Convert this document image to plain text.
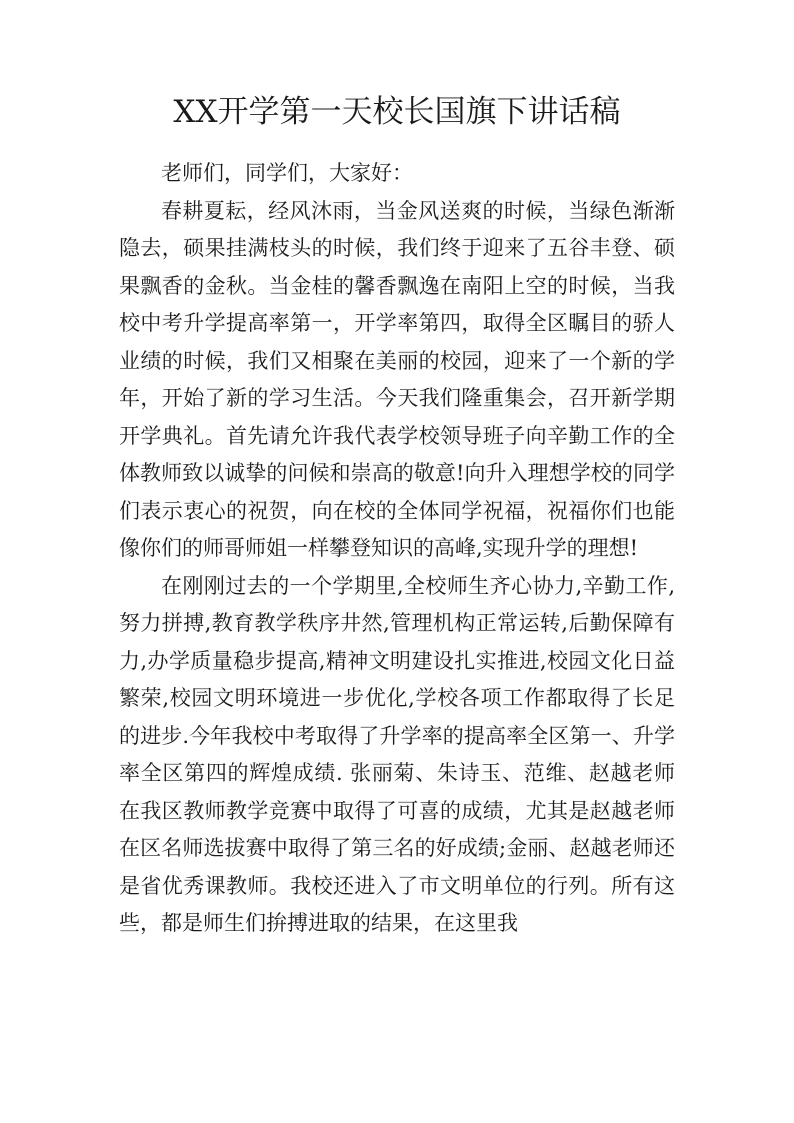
XX开学第一天校长国旗下讲话稿

老师们，同学们，大家好：

春耕夏耘，经风沐雨，当金风送爽的时候，当绿色渐渐隐去，硕果挂满枝头的时候，我们终于迎来了五谷丰登、硕果飘香的金秋。当金桂的馨香飘逸在南阳上空的时候，当我校中考升学提高率第一，开学率第四，取得全区瞩目的骄人业绩的时候，我们又相聚在美丽的校园，迎来了一个新的学年，开始了新的学习生活。今天我们隆重集会，召开新学期开学典礼。首先请允许我代表学校领导班子向辛勤工作的全体教师致以诚挚的问候和崇高的敬意!向升入理想学校的同学们表示衷心的祝贺，向在校的全体同学祝福，祝福你们也能像你们的师哥师姐一样攀登知识的高峰,实现升学的理想!

在刚刚过去的一个学期里,全校师生齐心协力,辛勤工作,努力拼搏,教育教学秩序井然,管理机构正常运转,后勤保障有力,办学质量稳步提高,精神文明建设扎实推进,校园文化日益繁荣,校园文明环境进一步优化,学校各项工作都取得了长足的进步.今年我校中考取得了升学率的提高率全区第一、升学率全区第四的辉煌成绩. 张丽菊、朱诗玉、范维、赵越老师在我区教师教学竞赛中取得了可喜的成绩，尤其是赵越老师在区名师选拔赛中取得了第三名的好成绩;金丽、赵越老师还是省优秀课教师。我校还进入了市文明单位的行列。所有这些，都是师生们拚搏进取的结果，在这里我
